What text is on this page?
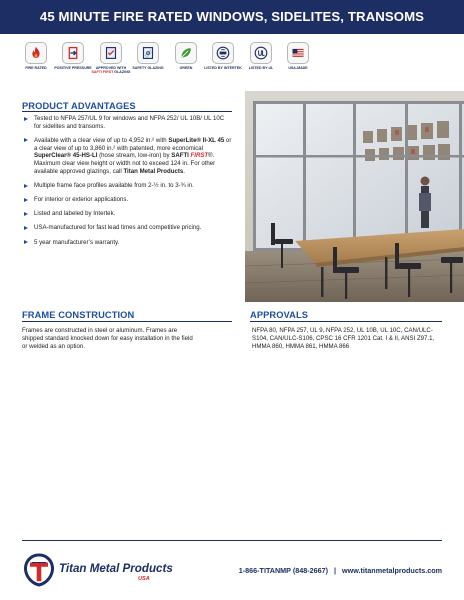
45 MINUTE FIRE RATED WINDOWS, SIDELITES, TRANSOMS
FIRE RATED	POSITIVE PRESSURE	APPROVED WITH SAFTI FIRST GLAZING
SAFETY GLAZING	GREEN	LISTED BY INTERTEK	LISTED BY UL	USA-MADE
PRODUCT ADVANTAGES
Tested to NFPA 257/UL 9 for windows and NFPA 252/ UL 10B/ UL 10C for sidelites and transoms.
Available with a clear view of up to 4,952 in.² with SuperLite® II-XL 45 or a clear view of up to 3,860 in.² with patented, more economical SuperClear® 45-HS-LI (hose stream, low-iron) by SAFTI FIRST®. Maximum clear view height or width not to exceed 124 in. For other available approved glazings, call Titan Metal Products.
Multiple frame face profiles available from 2-½ in. to 3-¾ in.
For interior or exterior applications.
Listed and labeled by Intertek.
USA-manufactured for fast lead times and competitive pricing.
5 year manufacturer’s warranty.
FRAME CONSTRUCTION
Frames are constructed in steel or aluminum. Frames are shipped standard knocked down for easy installation in the field or welded as an option.
APPROVALS
NFPA 80, NFPA 257, UL 9, NFPA 252, UL 10B, UL 10C, CAN/ULC-S104, CAN/ULC-S106, CPSC 16 CFR 1201 Cat. I & II, ANSI Z97.1, HMMA 860, HMMA 861, HMMA 866
Titan Metal Products
USA
1-866-TITANMP (848-2667) | www.titanmetalproducts.com
